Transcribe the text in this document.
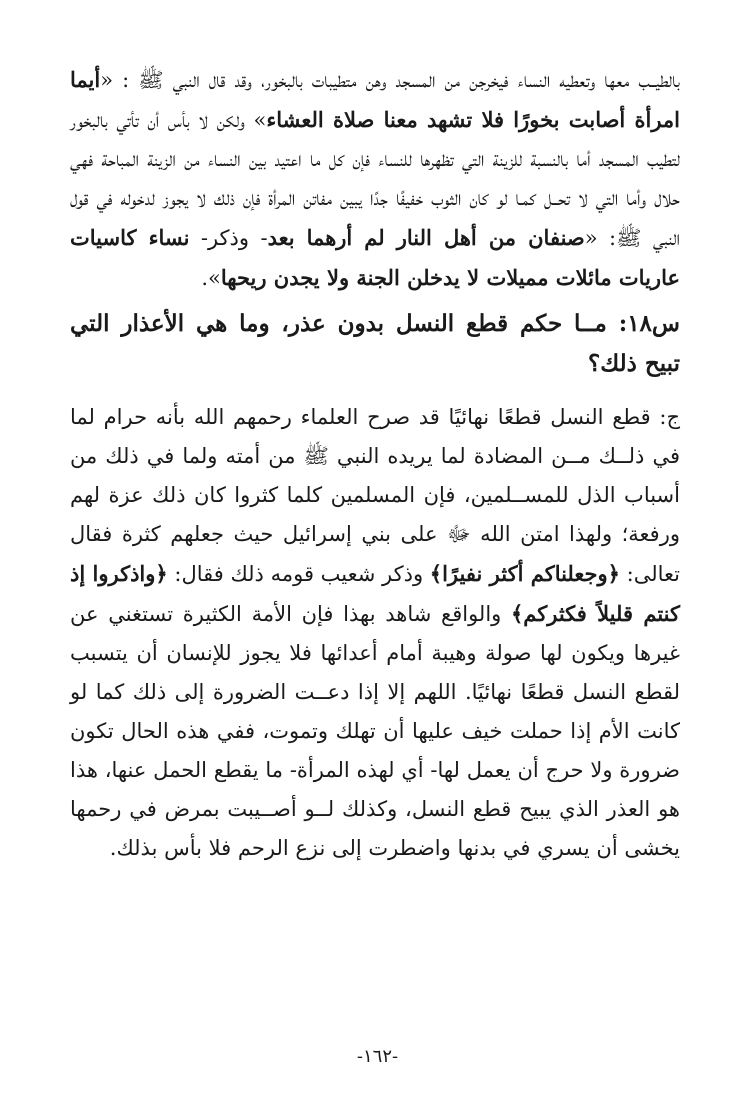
بالطيــب معها وتعطيه النساء فيخرجن من المسجد وهن متطيبات بالبخور، وقد قال النبي ﷺ : «أيما امرأة أصابت بخورًا فلا تشهد معنا صلاة العشاء» ولكن لا بأس أن تأتي بالبخور لتطيب المسجد أما بالنسبة للزينة التي تظهرها للنساء فإن كل ما اعتيد بين النساء من الزينة المباحة فهي حلال وأما التي لا تحــل كمـا لو كان الثوب خفيفًا جدًا يبين مفاتن المرأة فإن ذلك لا يجوز لدخوله في قول النبي ﷺ: «صنفان من أهل النار لم أرهما بعد- وذكر- نساء كاسيات عاريات مائلات مميلات لا يدخلن الجنة ولا يجدن ريحها».

س١٨: مــا حكم قطع النسل بدون عذر، وما هي الأعذار التي تبيح ذلك؟

ج: قطع النسل قطعًا نهائيًا قد صرح العلماء رحمهم الله بأنه حرام لما في ذلــك مــن المضادة لما يريده النبي ﷺ من أمته ولما في ذلك من أسباب الذل للمســلمين، فإن المسلمين كلما كثروا كان ذلك عزة لهم ورفعة؛ ولهذا امتن الله ﷻ على بني إسرائيل حيث جعلهم كثرة فقال تعالى: ﴿وجعلناكم أكثر نفيرًا﴾ وذكر شعيب قومه ذلك فقال: ﴿واذكروا إذ كنتم قليلاً فكثركم﴾ والواقع شاهد بهذا فإن الأمة الكثيرة تستغني عن غيرها ويكون لها صولة وهيبة أمام أعدائها فلا يجوز للإنسان أن يتسبب لقطع النسل قطعًا نهائيًا. اللهم إلا إذا دعــت الضرورة إلى ذلك كما لو كانت الأم إذا حملت خيف عليها أن تهلك وتموت، ففي هذه الحال تكون ضرورة ولا حرج أن يعمل لها- أي لهذه المرأة- ما يقطع الحمل عنها، هذا هو العذر الذي يبيح قطع النسل، وكذلك لــو أصــيبت بمرض في رحمها يخشى أن يسري في بدنها واضطرت إلى نزع الرحم فلا بأس بذلك.

-١٦٢-
